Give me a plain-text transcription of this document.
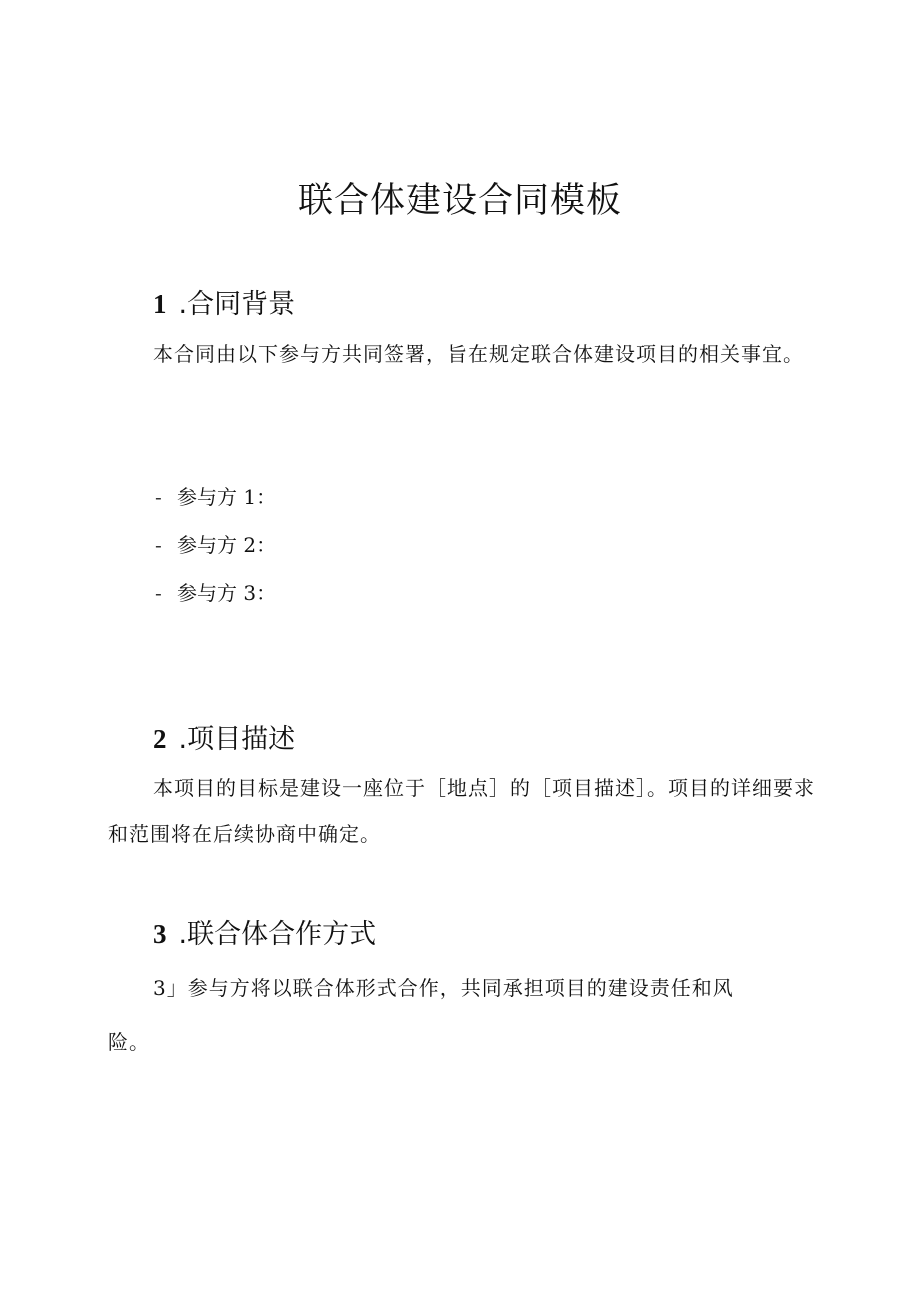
联合体建设合同模板
1 .合同背景

本合同由以下参与方共同签署，旨在规定联合体建设项目的相关事宜。

- 参与方 1：
- 参与方 2：
- 参与方 3：
2 .项目描述

本项目的目标是建设一座位于［地点］的［项目描述］。项目的详细要求和范围将在后续协商中确定。

3 .联合体合作方式

3」参与方将以联合体形式合作，共同承担项目的建设责任和风险。
